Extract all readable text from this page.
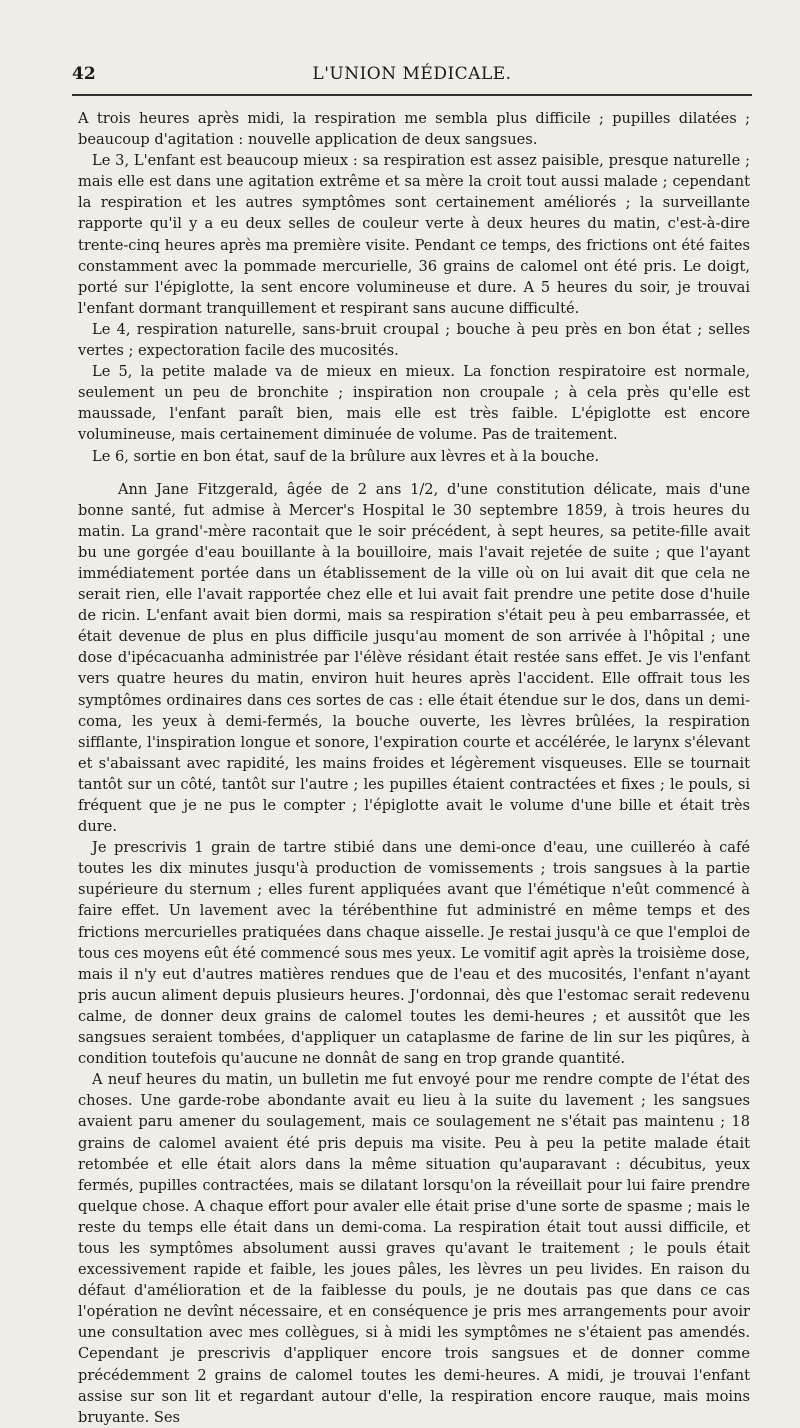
42	L'UNION MÉDICALE.

A trois heures après midi, la respiration me sembla plus difficile ; pupilles dilatées ; beaucoup d'agitation : nouvelle application de deux sangsues.

Le 3, L'enfant est beaucoup mieux : sa respiration est assez paisible, presque naturelle ; mais elle est dans une agitation extrême et sa mère la croit tout aussi malade ; cependant la respiration et les autres symptômes sont certainement améliorés ; la surveillante rapporte qu'il y a eu deux selles de couleur verte à deux heures du matin, c'est-à-dire trente-cinq heures après ma première visite. Pendant ce temps, des frictions ont été faites constamment avec la pommade mercurielle, 36 grains de calomel ont été pris. Le doigt, porté sur l'épiglotte, la sent encore volumineuse et dure. A 5 heures du soir, je trouvai l'enfant dormant tranquillement et respirant sans aucune difficulté.

Le 4, respiration naturelle, sans-bruit croupal ; bouche à peu près en bon état ; selles vertes ; expectoration facile des mucosités.

Le 5, la petite malade va de mieux en mieux. La fonction respiratoire est normale, seulement un peu de bronchite ; inspiration non croupale ; à cela près qu'elle est maussade, l'enfant paraît bien, mais elle est très faible. L'épiglotte est encore volumineuse, mais certainement diminuée de volume. Pas de traitement.

Le 6, sortie en bon état, sauf de la brûlure aux lèvres et à la bouche.

Ann Jane Fitzgerald, âgée de 2 ans 1/2, d'une constitution délicate, mais d'une bonne santé, fut admise à Mercer's Hospital le 30 septembre 1859, à trois heures du matin. La grand'-mère racontait que le soir précédent, à sept heures, sa petite-fille avait bu une gorgée d'eau bouillante à la bouilloire, mais l'avait rejetée de suite ; que l'ayant immédiatement portée dans un établissement de la ville où on lui avait dit que cela ne serait rien, elle l'avait rapportée chez elle et lui avait fait prendre une petite dose d'huile de ricin. L'enfant avait bien dormi, mais sa respiration s'était peu à peu embarrassée, et était devenue de plus en plus difficile jusqu'au moment de son arrivée à l'hôpital ; une dose d'ipécacuanha administrée par l'élève résidant était restée sans effet. Je vis l'enfant vers quatre heures du matin, environ huit heures après l'accident. Elle offrait tous les symptômes ordinaires dans ces sortes de cas : elle était étendue sur le dos, dans un demi-coma, les yeux à demi-fermés, la bouche ouverte, les lèvres brûlées, la respiration sifflante, l'inspiration longue et sonore, l'expiration courte et accélérée, le larynx s'élevant et s'abaissant avec rapidité, les mains froides et légèrement visqueuses. Elle se tournait tantôt sur un côté, tantôt sur l'autre ; les pupilles étaient contractées et fixes ; le pouls, si fréquent que je ne pus le compter ; l'épiglotte avait le volume d'une bille et était très dure.

Je prescrivis 1 grain de tartre stibié dans une demi-once d'eau, une cuilleréo à café toutes les dix minutes jusqu'à production de vomissements ; trois sangsues à la partie supérieure du sternum ; elles furent appliquées avant que l'émétique n'eût commencé à faire effet. Un lavement avec la térébenthine fut administré en même temps et des frictions mercurielles pratiquées dans chaque aisselle. Je restai jusqu'à ce que l'emploi de tous ces moyens eût été commencé sous mes yeux. Le vomitif agit après la troisième dose, mais il n'y eut d'autres matières rendues que de l'eau et des mucosités, l'enfant n'ayant pris aucun aliment depuis plusieurs heures. J'ordonnai, dès que l'estomac serait redevenu calme, de donner deux grains de calomel toutes les demi-heures ; et aussitôt que les sangsues seraient tombées, d'appliquer un cataplasme de farine de lin sur les piqûres, à condition toutefois qu'aucune ne donnât de sang en trop grande quantité.

A neuf heures du matin, un bulletin me fut envoyé pour me rendre compte de l'état des choses. Une garde-robe abondante avait eu lieu à la suite du lavement ; les sangsues avaient paru amener du soulagement, mais ce soulagement ne s'était pas maintenu ; 18 grains de calomel avaient été pris depuis ma visite. Peu à peu la petite malade était retombée et elle était alors dans la même situation qu'auparavant : décubitus, yeux fermés, pupilles contractées, mais se dilatant lorsqu'on la réveillait pour lui faire prendre quelque chose. A chaque effort pour avaler elle était prise d'une sorte de spasme ; mais le reste du temps elle était dans un demi-coma. La respiration était tout aussi difficile, et tous les symptômes absolument aussi graves qu'avant le traitement ; le pouls était excessivement rapide et faible, les joues pâles, les lèvres un peu livides. En raison du défaut d'amélioration et de la faiblesse du pouls, je ne doutais pas que dans ce cas l'opération ne devînt nécessaire, et en conséquence je pris mes arrangements pour avoir une consultation avec mes collègues, si à midi les symptômes ne s'étaient pas amendés. Cependant je prescrivis d'appliquer encore trois sangsues et de donner comme précédemment 2 grains de calomel toutes les demi-heures. A midi, je trouvai l'enfant assise sur son lit et regardant autour d'elle, la respiration encore rauque, mais moins bruyante. Ses
